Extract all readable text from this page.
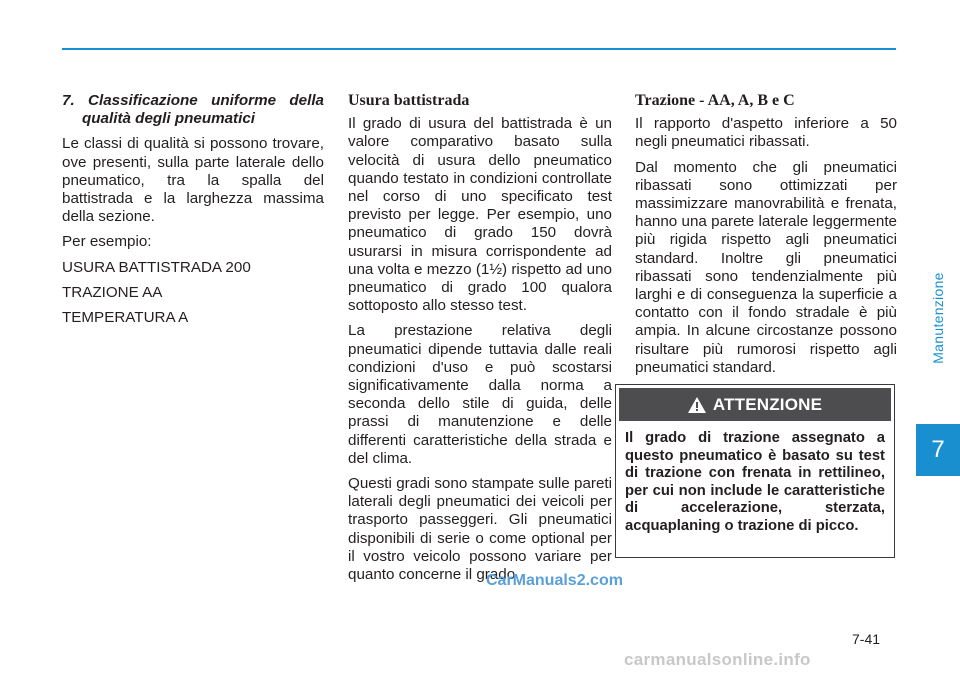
7. Classificazione uniforme della qualità degli pneumatici

Le classi di qualità si possono trovare, ove presenti, sulla parte laterale dello pneumatico, tra la spalla del battistrada e la larghezza massima della sezione.

Per esempio:

USURA BATTISTRADA 200

TRAZIONE AA

TEMPERATURA A

Usura battistrada

Il grado di usura del battistrada è un valore comparativo basato sulla velocità di usura dello pneumatico quando testato in condizioni controllate nel corso di uno specificato test previsto per legge. Per esempio, uno pneumatico di grado 150 dovrà usurarsi in misura corrispondente ad una volta e mezzo (1½) rispetto ad uno pneumatico di grado 100 qualora sottoposto allo stesso test.

La prestazione relativa degli pneumatici dipende tuttavia dalle reali condizioni d'uso e può scostarsi significativamente dalla norma a seconda dello stile di guida, delle prassi di manutenzione e delle differenti caratteristiche della strada e del clima.

Questi gradi sono stampate sulle pareti laterali degli pneumatici dei veicoli per trasporto passeggeri. Gli pneumatici disponibili di serie o come optional per il vostro veicolo possono variare per quanto concerne il grado.

Trazione - AA, A, B e C

Il rapporto d'aspetto inferiore a 50 negli pneumatici ribassati.

Dal momento che gli pneumatici ribassati sono ottimizzati per massimizzare manovrabilità e frenata, hanno una parete laterale leggermente più rigida rispetto agli pneumatici standard. Inoltre gli pneumatici ribassati sono tendenzialmente più larghi e di conseguenza la superficie a contatto con il fondo stradale è più ampia. In alcune circostanze possono risultare più rumorosi rispetto agli pneumatici standard.

ATTENZIONE
Il grado di trazione assegnato a questo pneumatico è basato su test di trazione con frenata in rettilineo, per cui non include le caratteristiche di accelerazione, sterzata, acquaplaning o trazione di picco.
Manutenzione
7
7-41
CarManuals2.com
carmanualsonline.info
